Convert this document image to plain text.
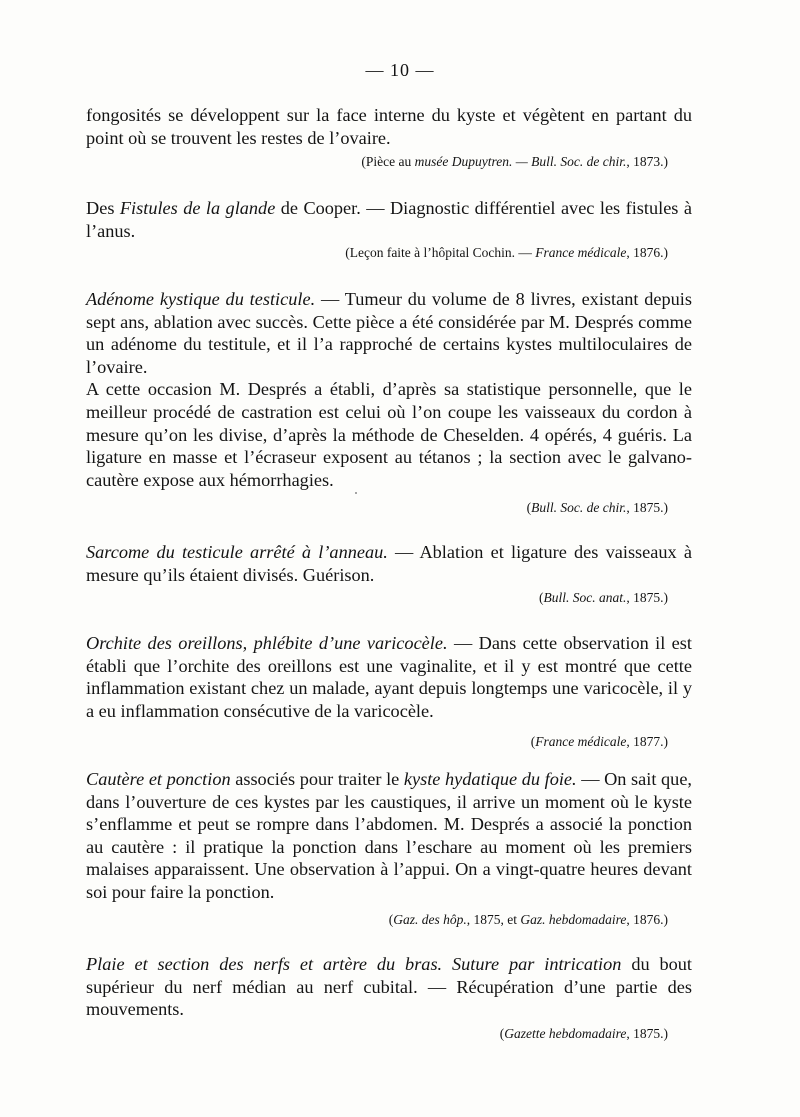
— 10 —

fongosités se développent sur la face interne du kyste et végètent en partant du point où se trouvent les restes de l’ovaire.

(Pièce au musée Dupuytren. — Bull. Soc. de chir., 1873.)

Des Fistules de la glande de Cooper. — Diagnostic différentiel avec les fistules à l’anus.

(Leçon faite à l’hôpital Cochin. — France médicale, 1876.)

Adénome kystique du testicule. — Tumeur du volume de 8 livres, existant depuis sept ans, ablation avec succès. Cette pièce a été considérée par M. Després comme un adénome du testitule, et il l’a rapproché de certains kystes multiloculaires de l’ovaire.

A cette occasion M. Després a établi, d’après sa statistique personnelle, que le meilleur procédé de castration est celui où l’on coupe les vaisseaux du cordon à mesure qu’on les divise, d’après la méthode de Cheselden. 4 opérés, 4 guéris. La ligature en masse et l’écraseur exposent au tétanos ; la section avec le galvano-cautère expose aux hémorrhagies.

(Bull. Soc. de chir., 1875.)

Sarcome du testicule arrêté à l’anneau. — Ablation et ligature des vaisseaux à mesure qu’ils étaient divisés. Guérison.

(Bull. Soc. anat., 1875.)

Orchite des oreillons, phlébite d’une varicocèle. — Dans cette observation il est établi que l’orchite des oreillons est une vaginalite, et il y est montré que cette inflammation existant chez un malade, ayant depuis longtemps une varicocèle, il y a eu inflammation consécutive de la varicocèle.

(France médicale, 1877.)

Cautère et ponction associés pour traiter le kyste hydatique du foie. — On sait que, dans l’ouverture de ces kystes par les caustiques, il arrive un moment où le kyste s’enflamme et peut se rompre dans l’abdomen. M. Després a associé la ponction au cautère : il pratique la ponction dans l’eschare au moment où les premiers malaises apparaissent. Une observation à l’appui. On a vingt-quatre heures devant soi pour faire la ponction.

(Gaz. des hôp., 1875, et Gaz. hebdomadaire, 1876.)

Plaie et section des nerfs et artère du bras. Suture par intrication du bout supérieur du nerf médian au nerf cubital. — Récupération d’une partie des mouvements.

(Gazette hebdomadaire, 1875.)
